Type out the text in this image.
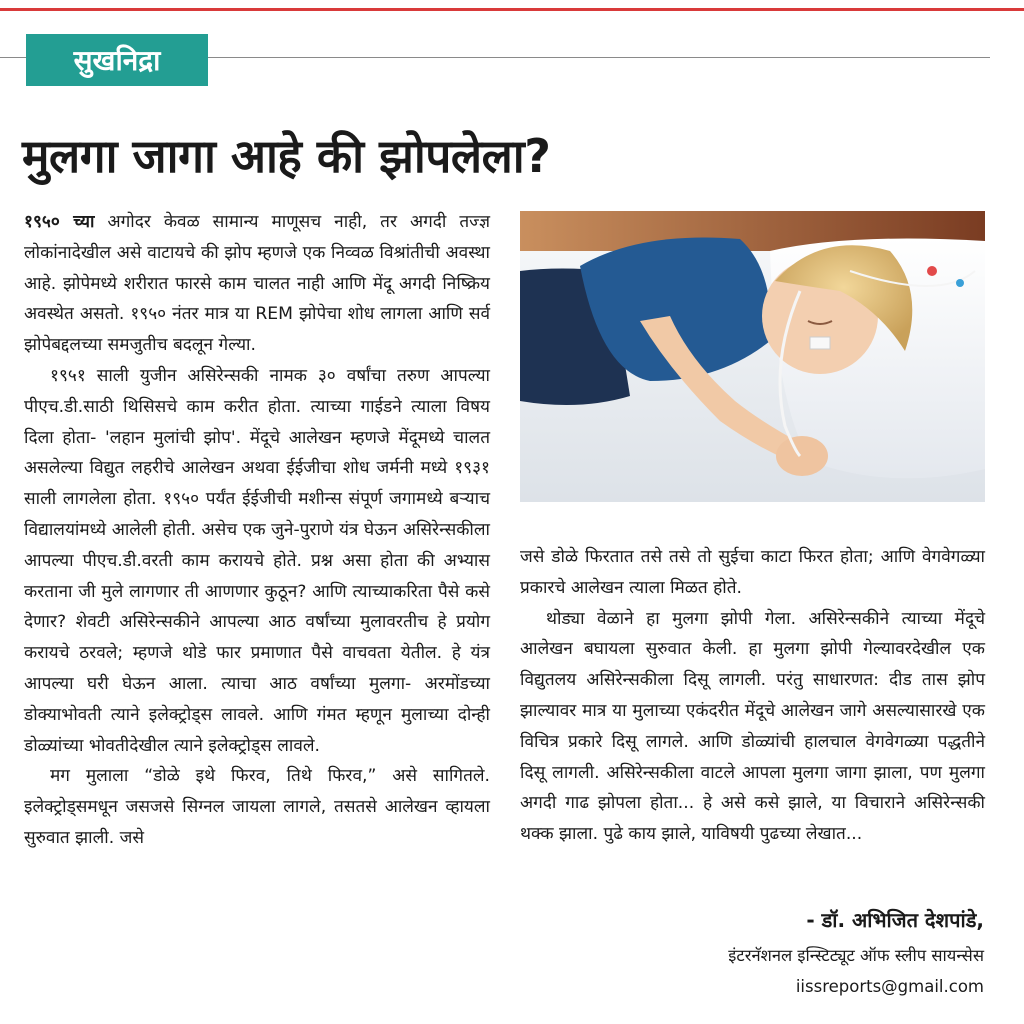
सुखनिद्रा
मुलगा जागा आहे की झोपलेला?

१९५० च्या अगोदर केवळ सामान्य माणूसच नाही, तर अगदी तज्ज्ञ लोकांनादेखील असे वाटायचे की झोप म्हणजे एक निव्वळ विश्रांतीची अवस्था आहे. झोपेमध्ये शरीरात फारसे काम चालत नाही आणि मेंदू अगदी निष्क्रिय अवस्थेत असतो. १९५० नंतर मात्र या REM झोपेचा शोध लागला आणि सर्व झोपेबद्दलच्या समजुतीच बदलून गेल्या.

१९५१ साली युजीन असिरेन्सकी नामक ३० वर्षांचा तरुण आपल्या पीएच.डी.साठी थिसिसचे काम करीत होता. त्याच्या गाईडने त्याला विषय दिला होता- 'लहान मुलांची झोप'. मेंदूचे आलेखन म्हणजे मेंदूमध्ये चालत असलेल्या विद्युत लहरीचे आलेखन अथवा ईईजीचा शोध जर्मनी मध्ये १९३१ साली लागलेला होता. १९५० पर्यंत ईईजीची मशीन्स संपूर्ण जगामध्ये बऱ्याच विद्यालयांमध्ये आलेली होती. असेच एक जुने-पुराणे यंत्र घेऊन असिरेन्सकीला आपल्या पीएच.डी.वरती काम करायचे होते. प्रश्न असा होता की अभ्यास करताना जी मुले लागणार ती आणणार कुठून? आणि त्याच्याकरिता पैसे कसे देणार? शेवटी असिरेन्सकीने आपल्या आठ वर्षांच्या मुलावरतीच हे प्रयोग करायचे ठरवले; म्हणजे थोडे फार प्रमाणात पैसे वाचवता येतील. हे यंत्र आपल्या घरी घेऊन आला. त्याचा आठ वर्षांच्या मुलगा- अरमोंडच्या डोक्याभोवती त्याने इलेक्ट्रोड्स लावले. आणि गंमत म्हणून मुलाच्या दोन्ही डोळ्यांच्या भोवतीदेखील त्याने इलेक्ट्रोड्स लावले.

मग मुलाला “डोळे इथे फिरव, तिथे फिरव,” असे सागितले. इलेक्ट्रोड्समधून जसजसे सिग्नल जायला लागले, तसतसे आलेखन व्हायला सुरुवात झाली. जसे

जसे डोळे फिरतात तसे तसे तो सुईचा काटा फिरत होता; आणि वेगवेगळ्या प्रकारचे आलेखन त्याला मिळत होते.

थोड्या वेळाने हा मुलगा झोपी गेला. असिरेन्सकीने त्याच्या मेंदूचे आलेखन बघायला सुरुवात केली. हा मुलगा झोपी गेल्यावरदेखील एक विद्युतलय असिरेन्सकीला दिसू लागली. परंतु साधारणत: दीड तास झोप झाल्यावर मात्र या मुलाच्या एकंदरीत मेंदूचे आलेखन जागे असल्यासारखे एक विचित्र प्रकारे दिसू लागले. आणि डोळ्यांची हालचाल वेगवेगळ्या पद्धतीने दिसू लागली. असिरेन्सकीला वाटले आपला मुलगा जागा झाला, पण मुलगा अगदी गाढ झोपला होता... हे असे कसे झाले, या विचाराने असिरेन्सकी थक्क झाला. पुढे काय झाले, याविषयी पुढच्या लेखात...

- डॉ. अभिजित देशपांडे,
इंटरनॅशनल इन्स्टिट्यूट ऑफ स्लीप सायन्सेस
iissreports@gmail.com
